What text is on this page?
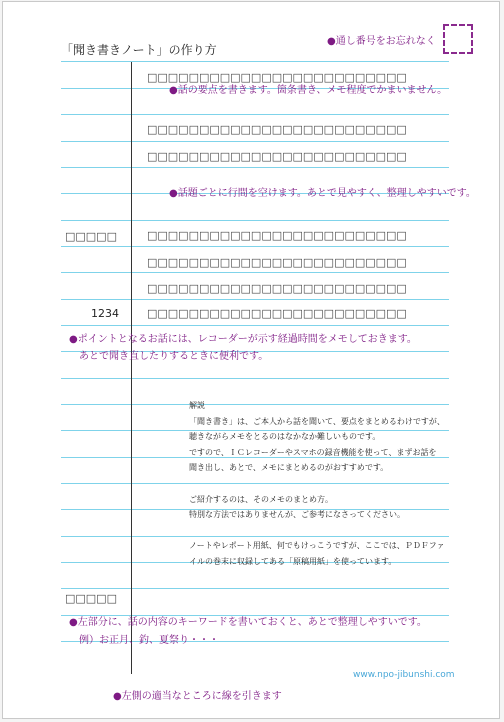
「聞き書きノート」の作り方
●通し番号をお忘れなく
□□□□□□□□□□□□□□□□□□□□□□□□□
□□□□□□□□□□□□□□□□□□□□□□□□□
□□□□□□□□□□□□□□□□□□□□□□□□□
□□□□□□□□□□□□□□□□□□□□□□□□□
□□□□□□□□□□□□□□□□□□□□□□□□□
□□□□□□□□□□□□□□□□□□□□□□□□□
□□□□□□□□□□□□□□□□□□□□□□□□□
□□□□□
□□□□□
1234
●話の要点を書きます。箇条書き、メモ程度でかまいません。
●話題ごとに行間を空けます。あとで見やすく、整理しやすいです。
●ポイントとなるお話には、レコーダーが示す経過時間をメモしておきます。
　あとで聞き直したりするときに便利です。
●左部分に、話の内容のキーワードを書いておくと、あとで整理しやすいです。
　例）お正月、釣、夏祭り・・・
●左側の適当なところに線を引きます
解説
「聞き書き」は、ご本人から話を聞いて、要点をまとめるわけですが、
聴きながらメモをとるのはなかなか難しいものです。
ですので、ＩＣレコーダーやスマホの録音機能を使って、まずお話を
聞き出し、あとで、メモにまとめるのがおすすめです。
ご紹介するのは、そのメモのまとめ方。
特別な方法ではありませんが、ご参考になさってください。
ノートやレポート用紙、何でもけっこうですが、ここでは、ＰＤＦファ
イルの巻末に収録してある「原稿用紙」を使っています。
www.npo-jibunshi.com
